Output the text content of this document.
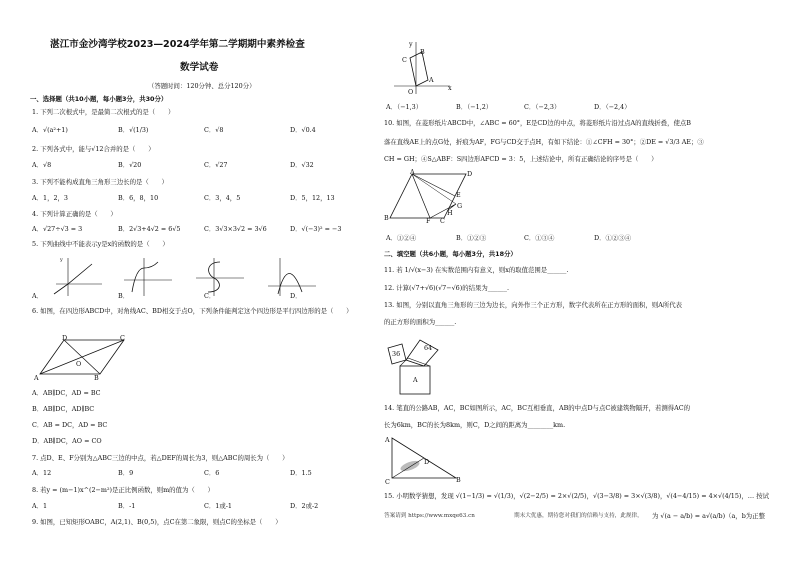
湛江市金沙湾学校2023—2024学年第二学期期中素养检查
数学试卷
（答题时间：120分钟、总分120分）
一、选择题（共10小题，每小题3分，共30分）
1. 下列二次根式中，是最简二次根式的是（　　）
A．√(a²+1)	B．√(1/3)	C．√8	D．√0.4
2. 下列各式中，能与√12合并的是（　　）
A．√8	B．√20	C．√27	D．√32
3. 下列不能构成直角三角形三边长的是（　　）
A．1，2，3	B．6，8，10	C．3，4，5	D．5，12，13
4. 下列计算正确的是（　　）
A．√27÷√3 = 3	B．2√3+4√2 = 6√5	C．3√3×3√2 = 3√6	D．√(−3)² = −3
5. 下列曲线中不能表示y是x的函数的是（　　）
y
A．	B．	C．	D．
6. 如图，在四边形ABCD中，对角线AC、BD相交于点O，下列条件能判定这个四边形是平行四边形的是（　　）
A	B
C
D
O
A．AB∥DC，AD = BC
B．AB∥DC，AD∥BC
C．AB = DC，AD = BC
D．AB∥DC，AO = CO
7. 点D、E、F分别为△ABC三边的中点，若△DEF的周长为3，则△ABC的周长为（　　）
A．12	B．9	C．6	D．1.5
8. 若y = (m−1)x^(2−m²)是正比例函数，则m的值为（　　）
A．1	B．-1	C．1或-1	D．2或-2
9. 如图，已知矩形OABC，A(2,1)、B(0,5)，点C在第二象限，则点C的坐标是（　　）
y
x
O
A
B
C
A．（−1,3）	B．（−1,2）	C．（−2,3）	D．（−2,4）
10. 如图，在菱形纸片ABCD中，∠ABC = 60°，E是CD边的中点，将菱形纸片沿过点A的直线折叠，使点B
落在直线AE上的点G处，折痕为AF，FG与CD交于点H，有如下结论：①∠CFH = 30°；②DE = √3/3 AE；③
CH = GH；④S△ABF：S四边形AFCD = 3：5，上述结论中，所有正确结论的序号是（　　）
A
B	C
D
E
F
G
H
A．①②④	B．①②③	C．①③④	D．①②③④
二、填空题（共6小题，每小题3分，共18分）
11. 若 1/√(x−3) 在实数范围内有意义，则x的取值范围是______.
12. 计算(√7+√6)(√7−√6)的结果为______.
13. 如图，分别以直角三角形的三边为边长，向外作三个正方形，数字代表所在正方形的面积，则A所代表
的正方形的面积为______.
36
64
A
14. 笔直的公路AB，AC，BC如图所示，AC，BC互相垂直，AB的中点D与点C被建筑物隔开，若测得AC的
长为6km，BC的长为8km，则C，D之间的距离为________km.
A
B
C
D
15. 小明数学猜想，发现 √(1−1/3) = √(1/3)，√(2−2/5) = 2×√(2/5)，√(3−3/8) = 3×√(3/8)，√(4−4/15) = 4×√(4/15)，… 按试
答案请到 https://www.mxqe63.cn	期末大优惠，期待您对我们的信赖与支持，此规律， 为 √(a − a/b) = a√(a/b)（a，b为正整
